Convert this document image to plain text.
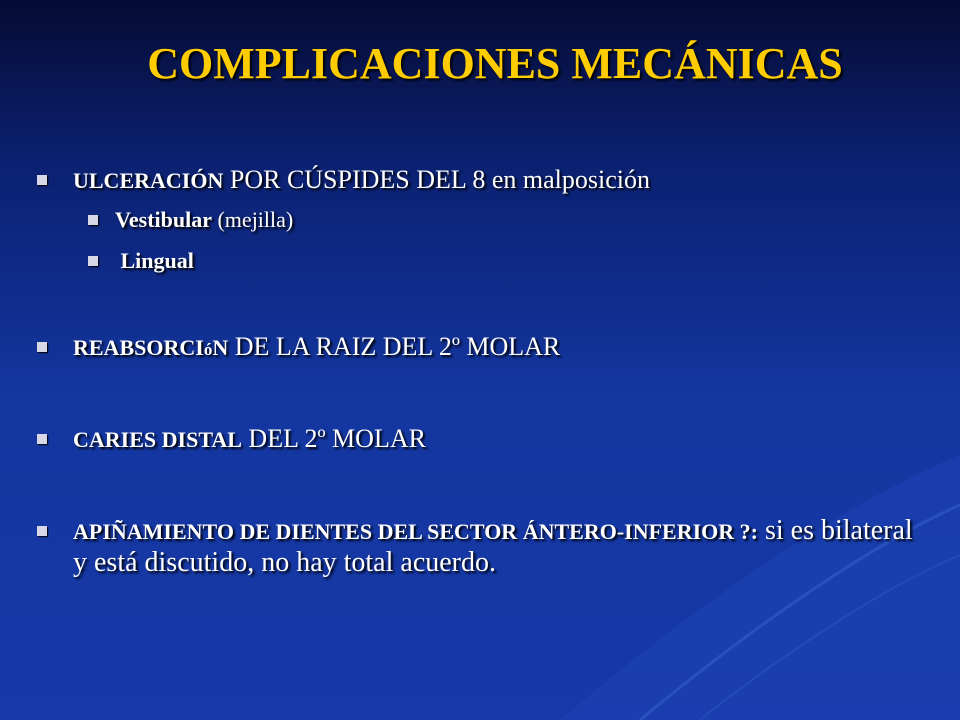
COMPLICACIONES MECÁNICAS
ULCERACIÓN POR CÚSPIDES DEL 8 en malposición
Vestibular (mejilla)
Lingual
REABSORCIóN DE LA RAIZ DEL 2º MOLAR
CARIES DISTAL DEL 2º MOLAR
APIÑAMIENTO DE DIENTES DEL SECTOR ÁNTERO-INFERIOR ?: si es bilateral y está discutido, no hay total acuerdo.
